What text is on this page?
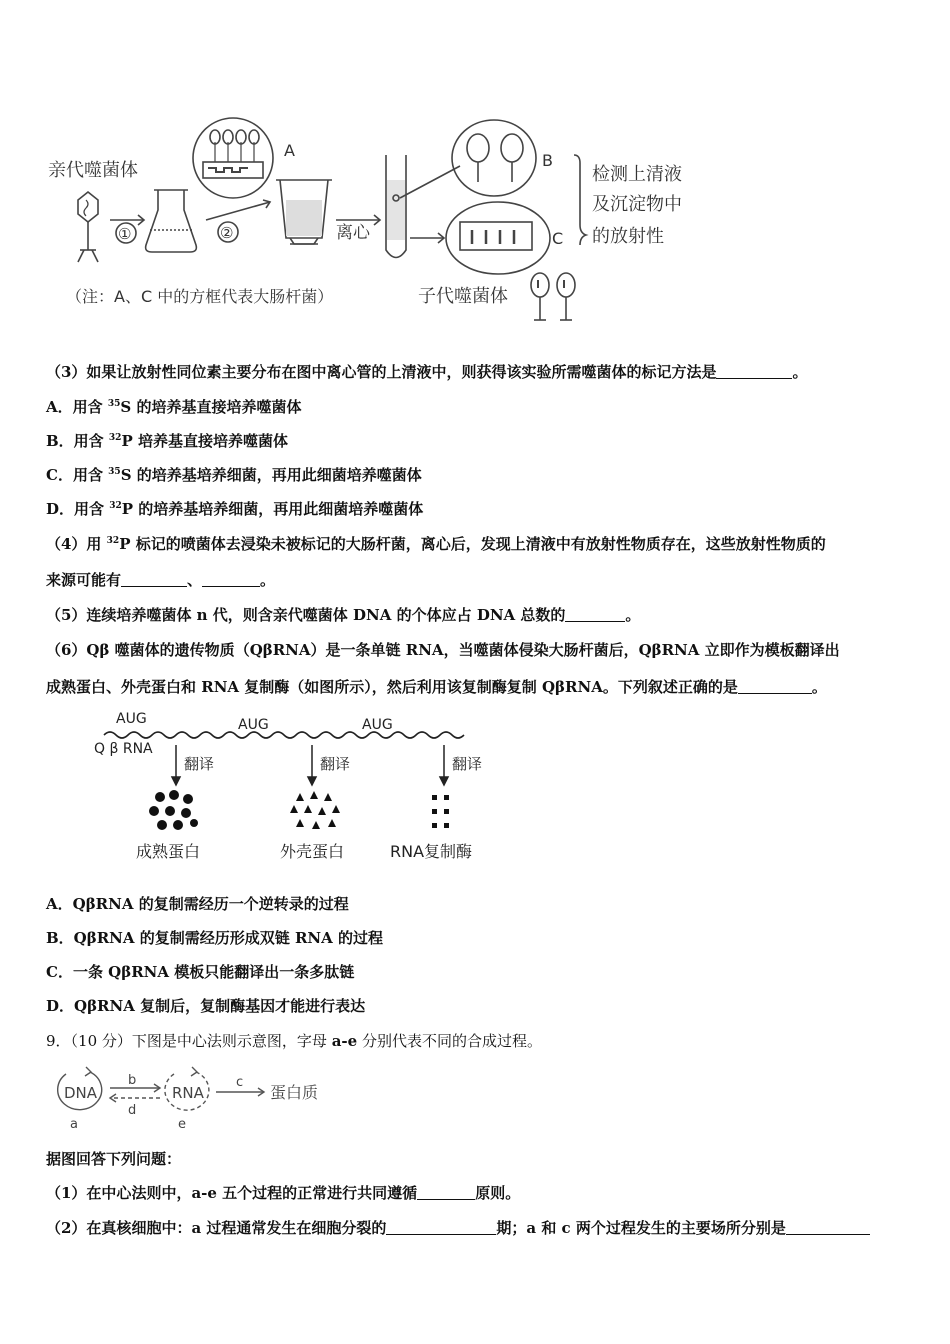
亲代噬菌体
①	②
A
离心
B
C
检测上清液
及沉淀物中
的放射性
（注：A、C 中的方框代表大肠杆菌）	子代噬菌体
（3）如果让放射性同位素主要分布在图中离心管的上清液中，则获得该实验所需噬菌体的标记方法是	。
A．用含 $^{35}$S 的培养基直接培养噬菌体
B．用含 $^{32}$P 培养基直接培养噬菌体
C．用含 $^{35}$S 的培养基培养细菌，再用此细菌培养噬菌体
D．用含 $^{32}$P 的培养基培养细菌，再用此细菌培养噬菌体
（4）用 $^{32}$P 标记的喷菌体去浸染未被标记的大肠杆菌，离心后，发现上清液中有放射性物质存在，这些放射性物质的
来源可能有	、	。
（5）连续培养噬菌体 n 代，则含亲代噬菌体 DNA 的个体应占 DNA 总数的	。
（6）Qβ 噬菌体的遗传物质（QβRNA）是一条单链 RNA，当噬菌体侵染大肠杆菌后，QβRNA 立即作为模板翻译出
成熟蛋白、外壳蛋白和 RNA 复制酶（如图所示），然后利用该复制酶复制 QβRNA。下列叙述正确的是	。
AUG	AUG	AUG
Q β RNA
翻译	翻译	翻译
成熟蛋白	外壳蛋白	RNA复制酶
A．QβRNA 的复制需经历一个逆转录的过程
B．QβRNA 的复制需经历形成双链 RNA 的过程
C．一条 QβRNA 模板只能翻译出一条多肽链
D．QβRNA 复制后，复制酶基因才能进行表达
9．（10 分）下图是中心法则示意图，字母 a-e 分别代表不同的合成过程。
DNA	RNA	蛋白质
a
b	c
d
e
据图回答下列问题：
（1）在中心法则中，a-e 五个过程的正常进行共同遵循	原则。
（2）在真核细胞中：a 过程通常发生在细胞分裂的	期；a 和 c 两个过程发生的主要场所分别是
